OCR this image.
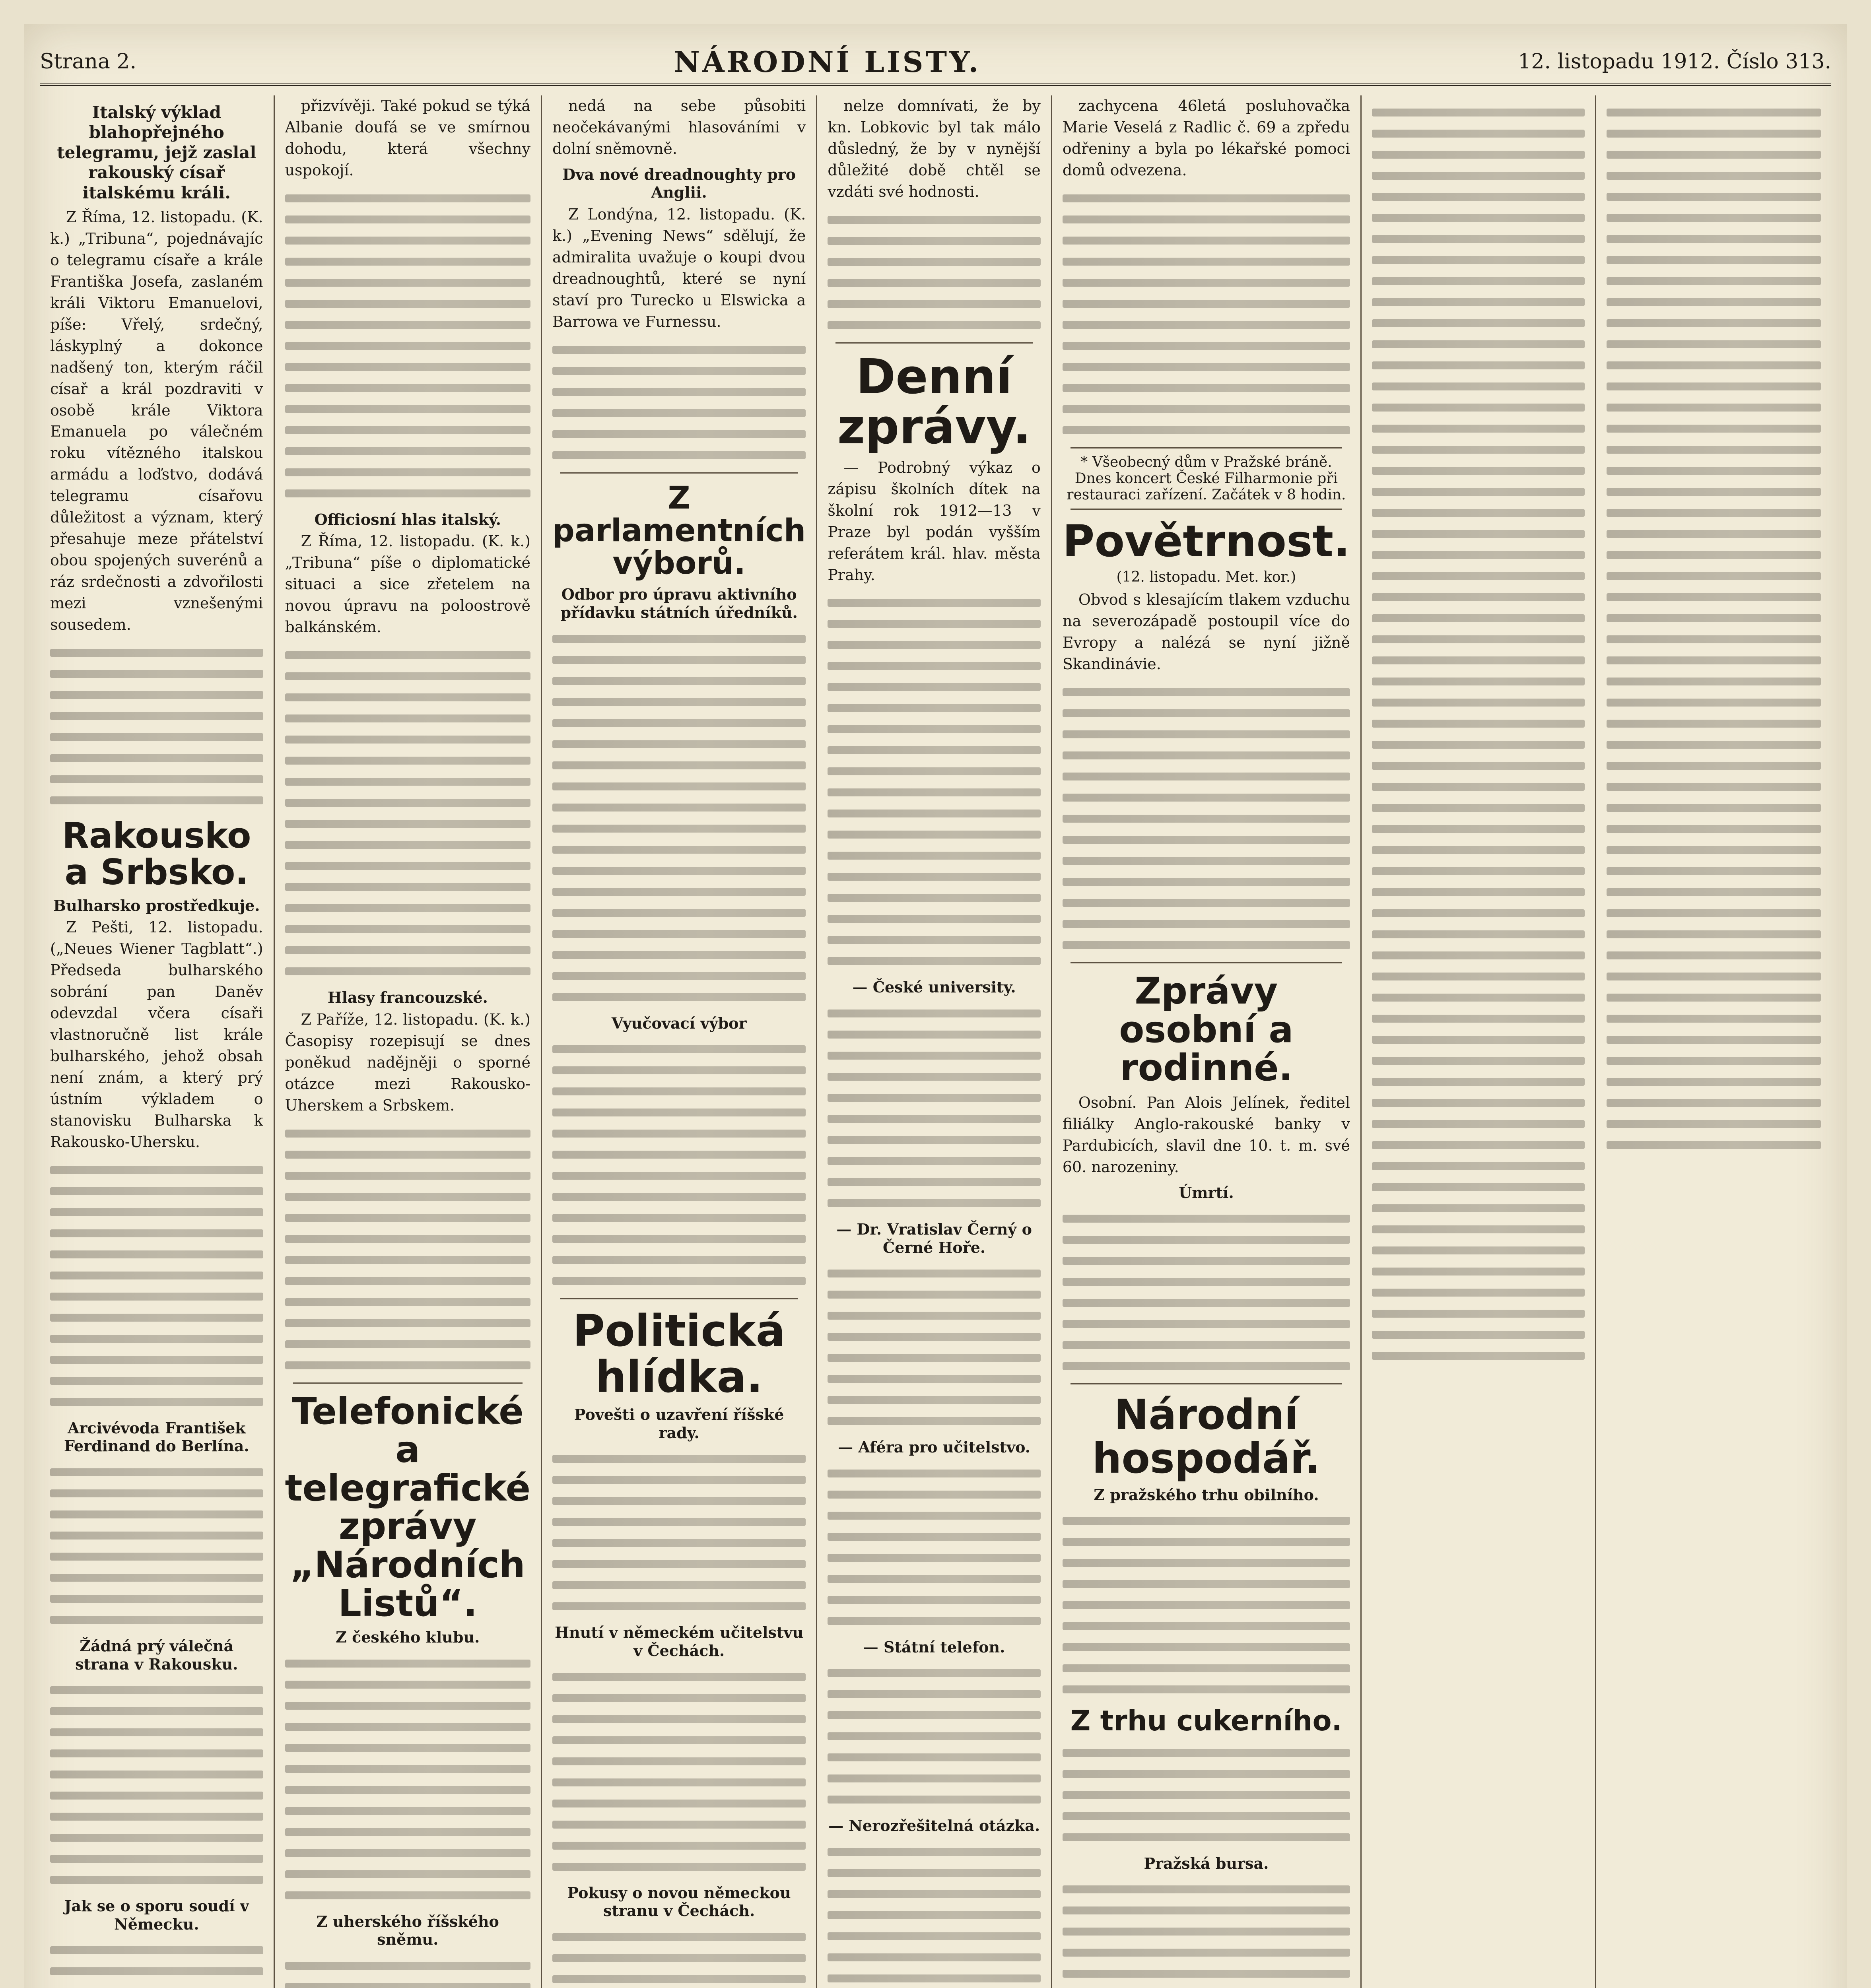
Strana 2.	NÁRODNÍ LISTY.	12. listopadu 1912. Číslo 313.
Italský výklad blahopřejného telegramu, jejž zaslal rakouský císař italskému králi.

Z Říma, 12. listopadu. (K. k.) „Tribuna“, pojednávajíc o telegramu císaře a krále Františka Josefa, zaslaném králi Viktoru Emanuelovi, píše: Vřelý, srdečný, láskyplný a dokonce nadšený ton, kterým ráčil císař a král pozdraviti v osobě krále Viktora Emanuela po válečném roku vítězného italskou armádu a loďstvo, dodává telegramu císařovu důležitost a význam, který přesahuje meze přátelství obou spojených suverénů a ráz srdečnosti a zdvořilosti mezi vznešenými sousedem.

Rakousko a Srbsko.
Bulharsko prostředkuje.

Z Pešti, 12. listopadu. („Neues Wiener Tagblatt“.) Předseda bulharského sobrání pan Daněv odevzdal včera císaři vlastnoručně list krále bulharského, jehož obsah není znám, a který prý ústním výkladem o stanovisku Bulharska k Rakousko-Uhersku.

Arcivévoda František Ferdinand do Berlína.
Žádná prý válečná strana v Rakousku.
Jak se o sporu soudí v Německu.

přizvívěji. Také pokud se týká Albanie doufá se ve smírnou dohodu, která všechny uspokojí.

Officiosní hlas italský.

Z Říma, 12. listopadu. (K. k.) „Tribuna“ píše o diplomatické situaci a sice zřetelem na novou úpravu na poloostrově balkánském.

Hlasy francouzské.

Z Paříže, 12. listopadu. (K. k.) Časopisy rozepisují se dnes poněkud nadějněji o sporné otázce mezi Rakousko-Uherskem a Srbskem.

Telefonické a telegrafické zprávy „Národních Listů“.
Z českého klubu.
Z uherského říšského sněmu.

nedá na sebe působiti neočekávanými hlasováními v dolní sněmovně.

Dva nové dreadnoughty pro Anglii.

Z Londýna, 12. listopadu. (K. k.) „Evening News“ sdělují, že admiralita uvažuje o koupi dvou dreadnoughtů, které se nyní staví pro Turecko u Elswicka a Barrowa ve Furnessu.

Z parlamentních výborů.
Odbor pro úpravu aktivního přídavku státních úředníků.
Vyučovací výbor
Politická hlídka.
Povešti o uzavření říšské rady.
Hnutí v německém učitelstvu v Čechách.
Pokusy o novou německou stranu v Čechách.

nelze domnívati, že by kn. Lobkovic byl tak málo důsledný, že by v nynější důležité době chtěl se vzdáti své hodnosti.

Denní zprávy.

— Podrobný výkaz o zápisu školních dítek na školní rok 1912—13 v Praze byl podán vyšším referátem král. hlav. města Prahy.

— České university.
— Dr. Vratislav Černý o Černé Hoře.
— Aféra pro učitelstvo.
— Státní telefon.
— Nerozřešitelná otázka.

zachycena 46letá posluhovačka Marie Veselá z Radlic č. 69 a zpředu odřeniny a byla po lékařské pomoci domů odvezena.

* Všeobecný dům v Pražské bráně. Dnes koncert České Filharmonie při restauraci zařízení. Začátek v 8 hodin.
Povětrnost.
(12. listopadu. Met. kor.)

Obvod s klesajícím tlakem vzduchu na severozápadě postoupil více do Evropy a nalézá se nyní jižně Skandinávie.

Zprávy osobní a rodinné.

Osobní. Pan Alois Jelínek, ředitel filiálky Anglo-rakouské banky v Pardubicích, slavil dne 10. t. m. své 60. narozeniny.

Úmrtí.
Národní hospodář.
Z pražského trhu obilního.
Z trhu cukerního.
Pražská bursa.
